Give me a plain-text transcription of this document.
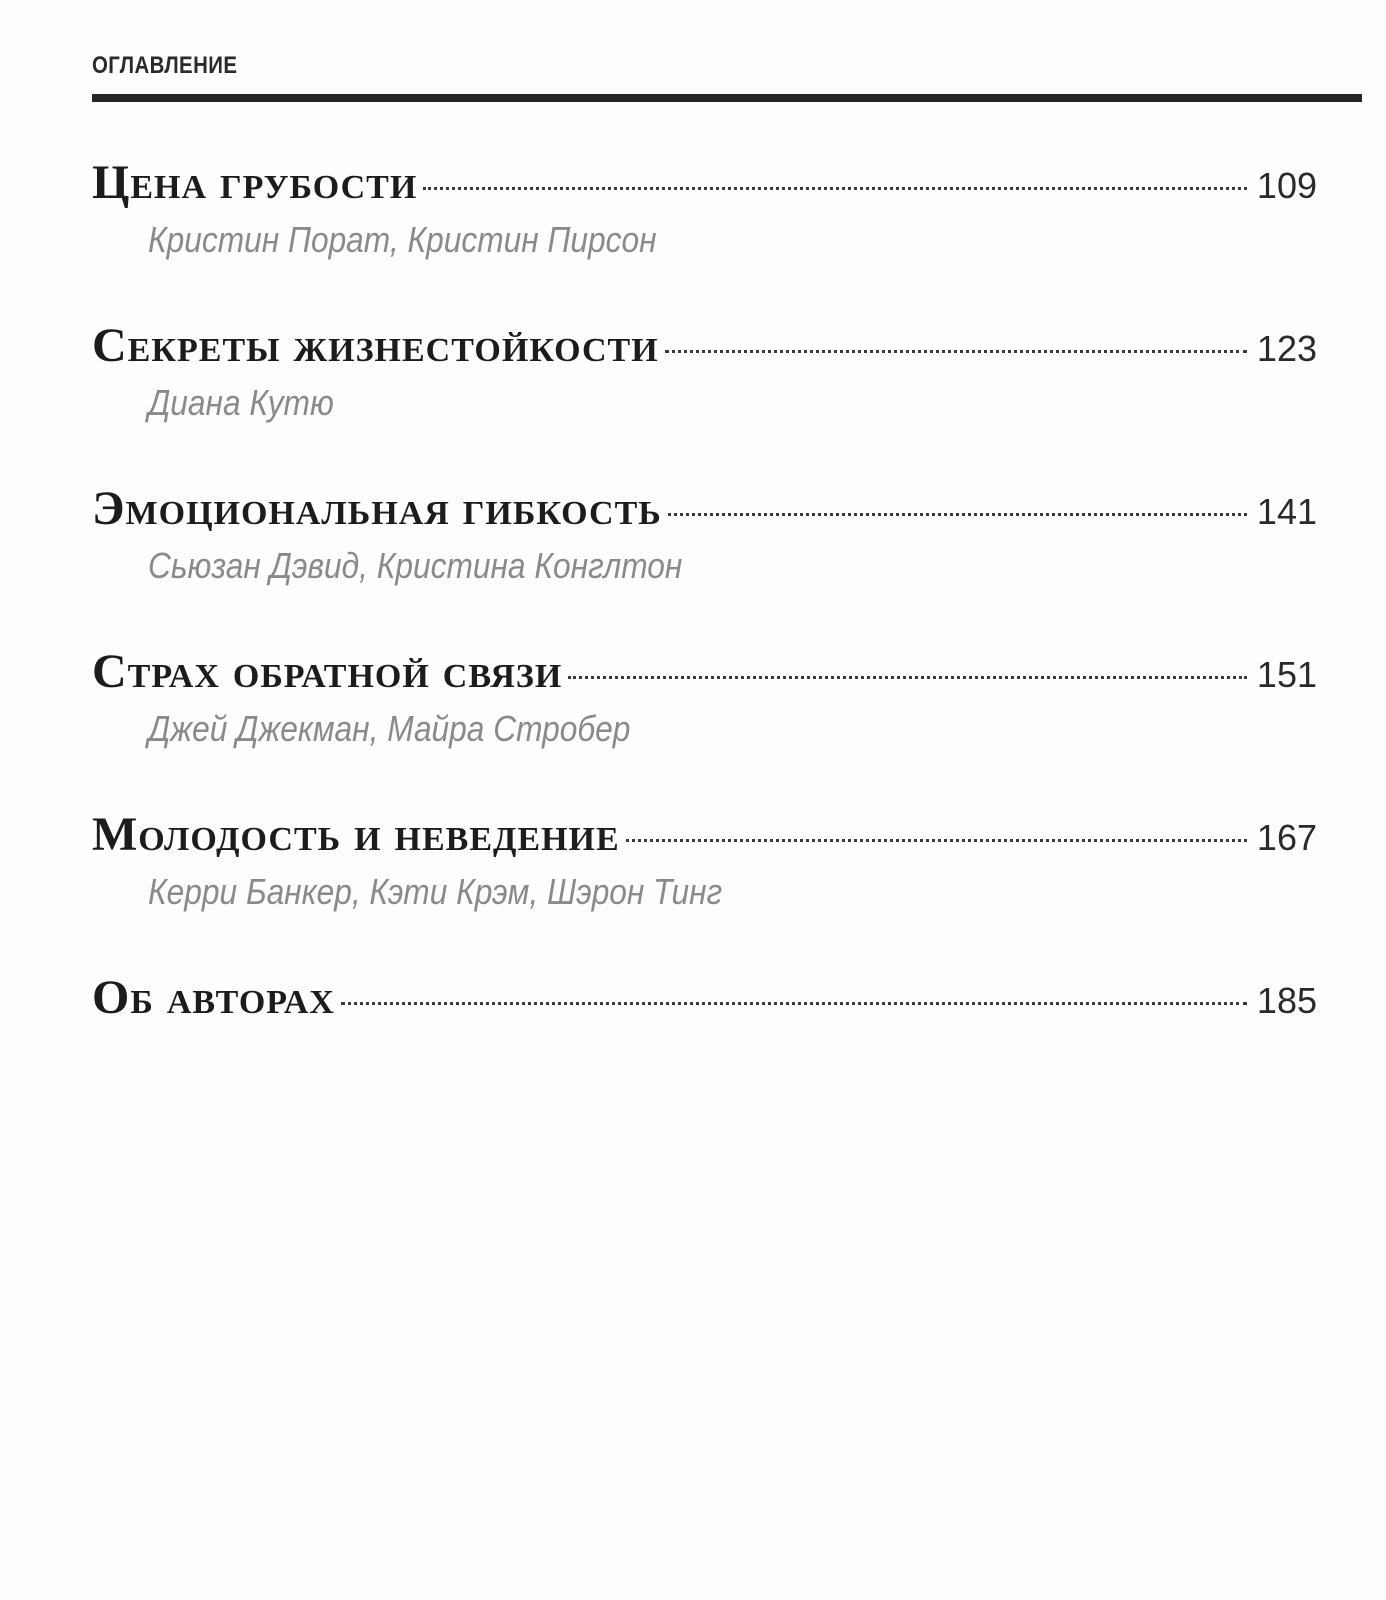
ОГЛАВЛЕНИЕ
Цена грубости	109
Кристин Порат, Кристин Пирсон
Секреты жизнестойкости	123
Диана Кутю
Эмоциональная гибкость	141
Сьюзан Дэвид, Кристина Конглтон
Страх обратной связи	151
Джей Джекман, Майра Стробер
Молодость и неведение	167
Керри Банкер, Кэти Крэм, Шэрон Тинг
Об авторах	185
